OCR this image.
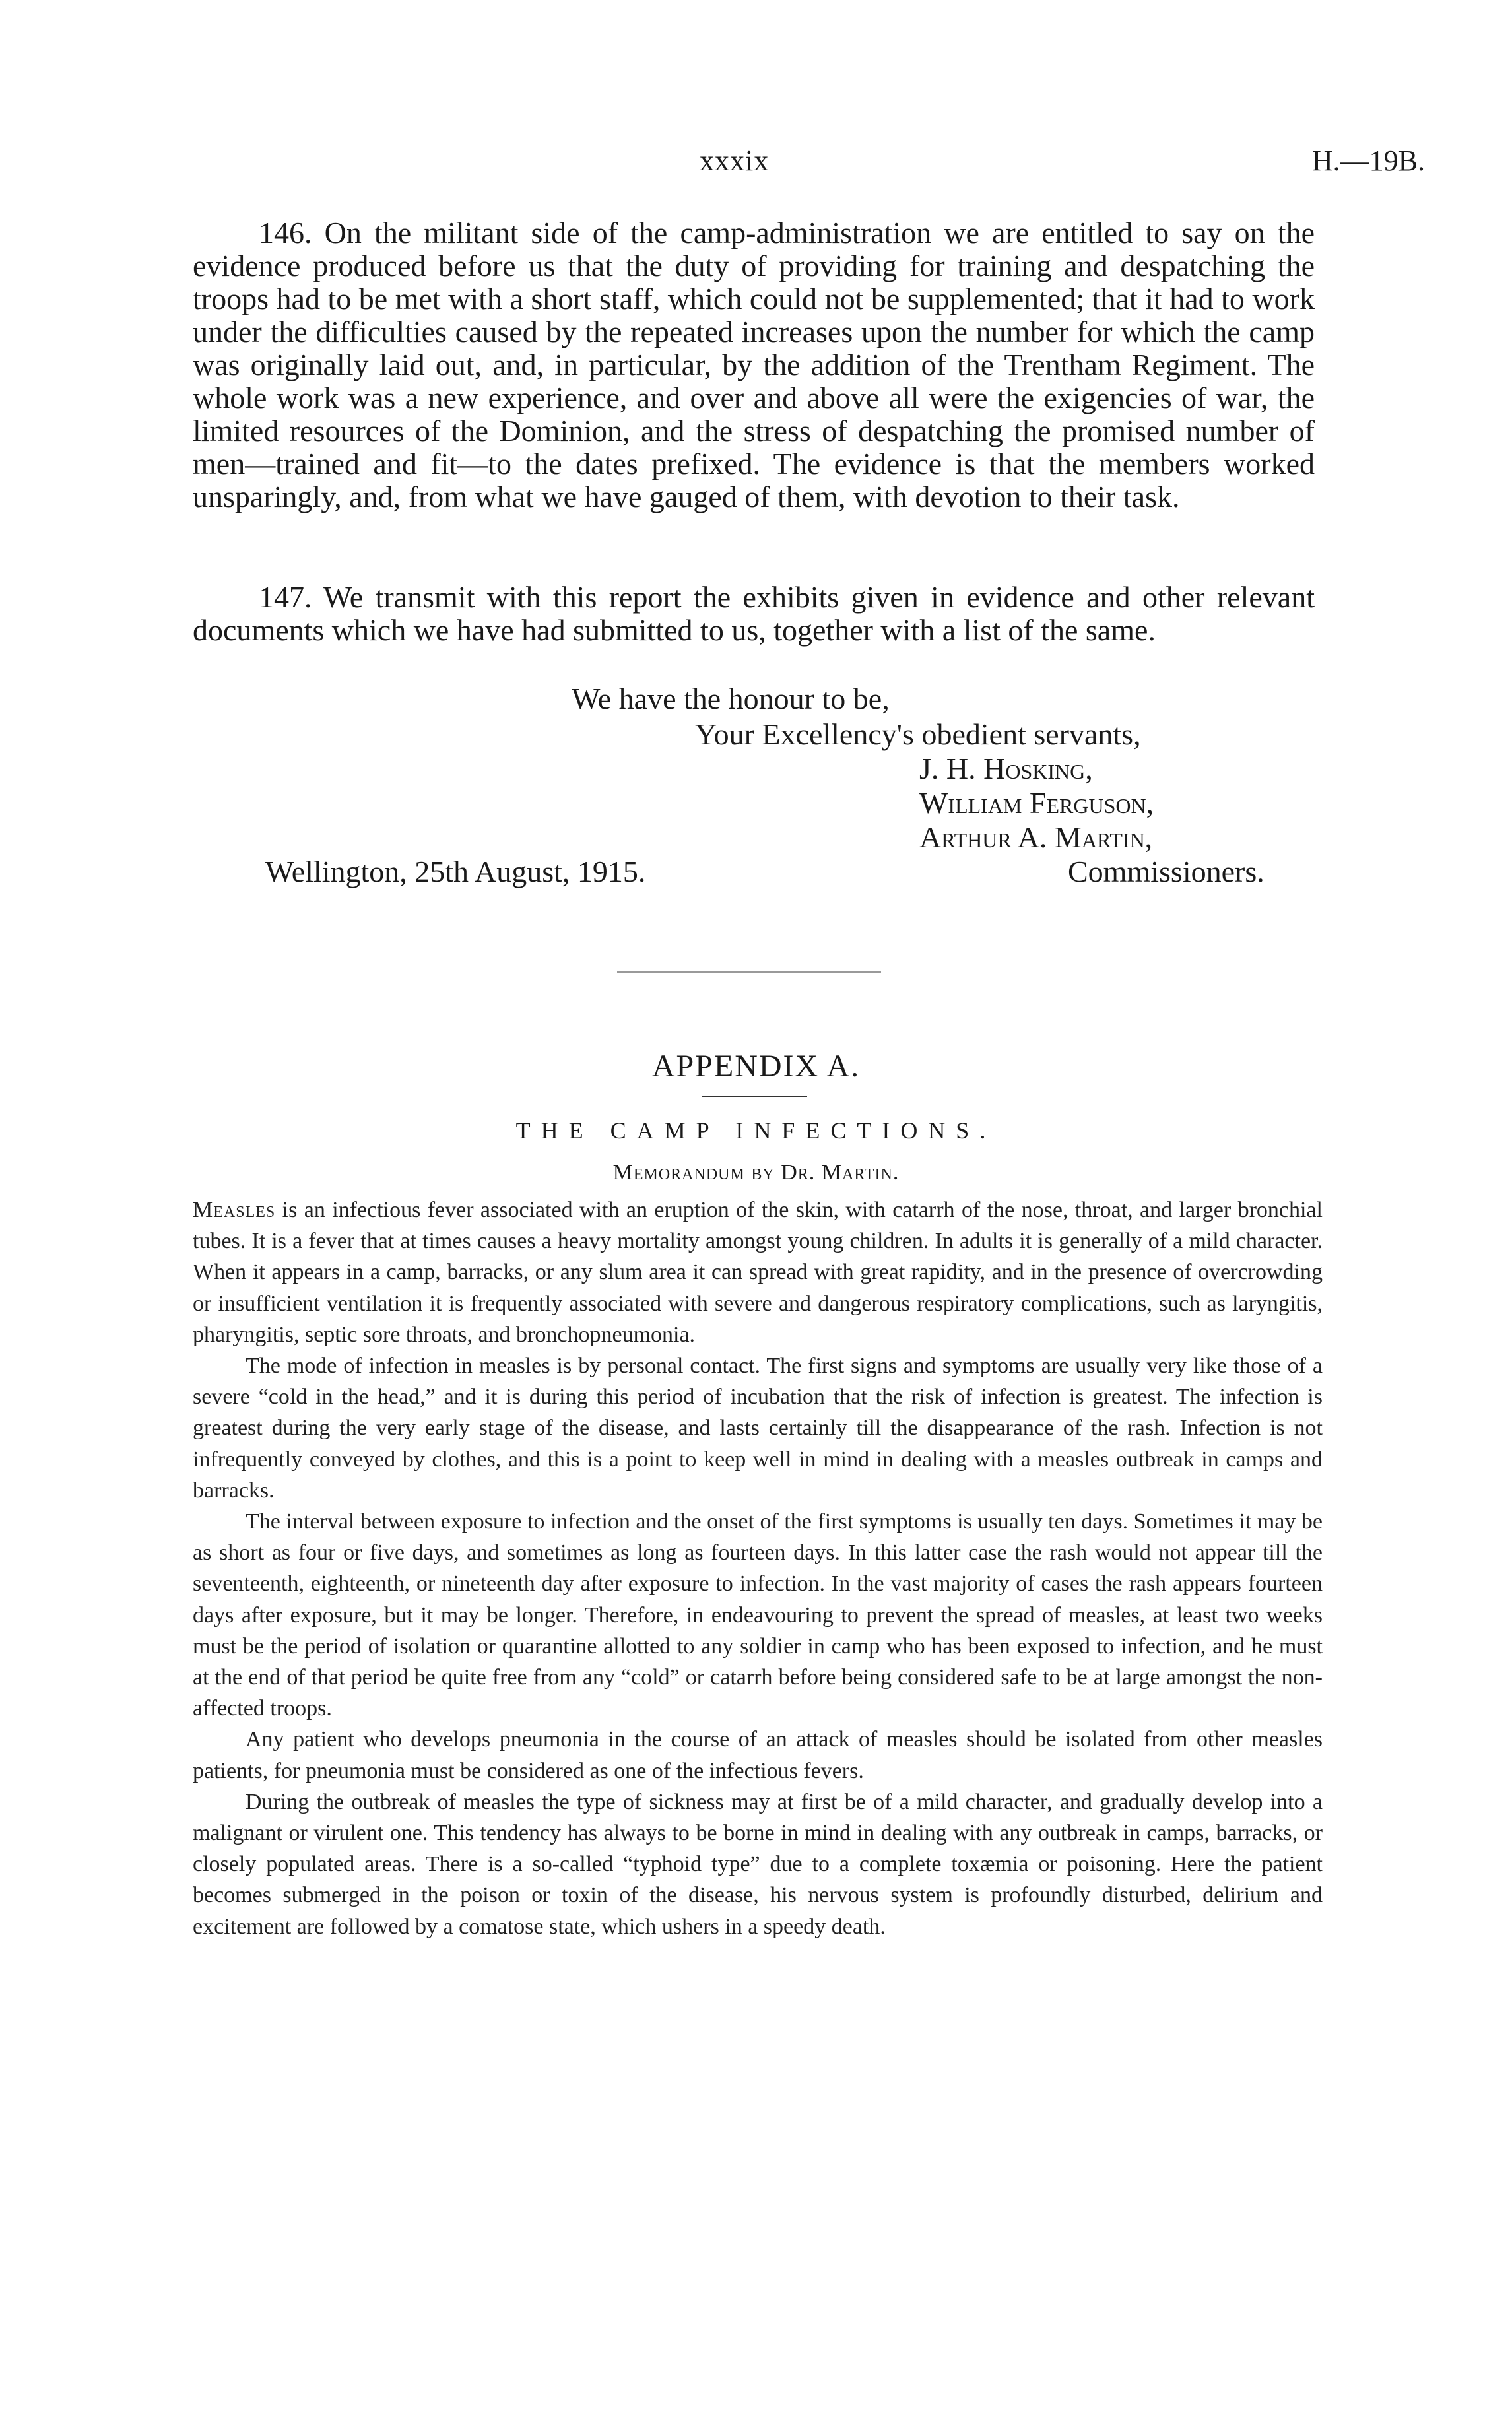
xxxix	H.—19B.

146. On the militant side of the camp-administration we are entitled to say on the evidence produced before us that the duty of providing for training and despatching the troops had to be met with a short staff, which could not be supplemented; that it had to work under the difficulties caused by the repeated increases upon the number for which the camp was originally laid out, and, in particular, by the addition of the Trentham Regiment. The whole work was a new experience, and over and above all were the exigencies of war, the limited resources of the Dominion, and the stress of despatching the promised number of men—trained and fit—to the dates prefixed. The evidence is that the members worked unsparingly, and, from what we have gauged of them, with devotion to their task.

147. We transmit with this report the exhibits given in evidence and other relevant documents which we have had submitted to us, together with a list of the same.

We have the honour to be,
Your Excellency's obedient servants,
J. H. Hosking,
William Ferguson,
Arthur A. Martin,
Wellington, 25th August, 1915.	Commissioners.
APPENDIX A.
THE CAMP INFECTIONS.
Memorandum by Dr. Martin.

Measles is an infectious fever associated with an eruption of the skin, with catarrh of the nose, throat, and larger bronchial tubes. It is a fever that at times causes a heavy mortality amongst young children. In adults it is generally of a mild character. When it appears in a camp, barracks, or any slum area it can spread with great rapidity, and in the presence of overcrowding or insufficient ventilation it is frequently associated with severe and dangerous respiratory complications, such as laryngitis, pharyngitis, septic sore throats, and bronchopneumonia.

The mode of infection in measles is by personal contact. The first signs and symptoms are usually very like those of a severe “cold in the head,” and it is during this period of incubation that the risk of infection is greatest. The infection is greatest during the very early stage of the disease, and lasts certainly till the disappearance of the rash. Infection is not infrequently conveyed by clothes, and this is a point to keep well in mind in dealing with a measles outbreak in camps and barracks.

The interval between exposure to infection and the onset of the first symptoms is usually ten days. Sometimes it may be as short as four or five days, and sometimes as long as fourteen days. In this latter case the rash would not appear till the seventeenth, eighteenth, or nineteenth day after exposure to infection. In the vast majority of cases the rash appears fourteen days after exposure, but it may be longer. Therefore, in endeavouring to prevent the spread of measles, at least two weeks must be the period of isolation or quarantine allotted to any soldier in camp who has been exposed to infection, and he must at the end of that period be quite free from any “cold” or catarrh before being considered safe to be at large amongst the non-affected troops.

Any patient who develops pneumonia in the course of an attack of measles should be isolated from other measles patients, for pneumonia must be considered as one of the infectious fevers.

During the outbreak of measles the type of sickness may at first be of a mild character, and gradually develop into a malignant or virulent one. This tendency has always to be borne in mind in dealing with any outbreak in camps, barracks, or closely populated areas. There is a so-called “typhoid type” due to a complete toxæmia or poisoning. Here the patient becomes submerged in the poison or toxin of the disease, his nervous system is profoundly disturbed, delirium and excitement are followed by a comatose state, which ushers in a speedy death.
